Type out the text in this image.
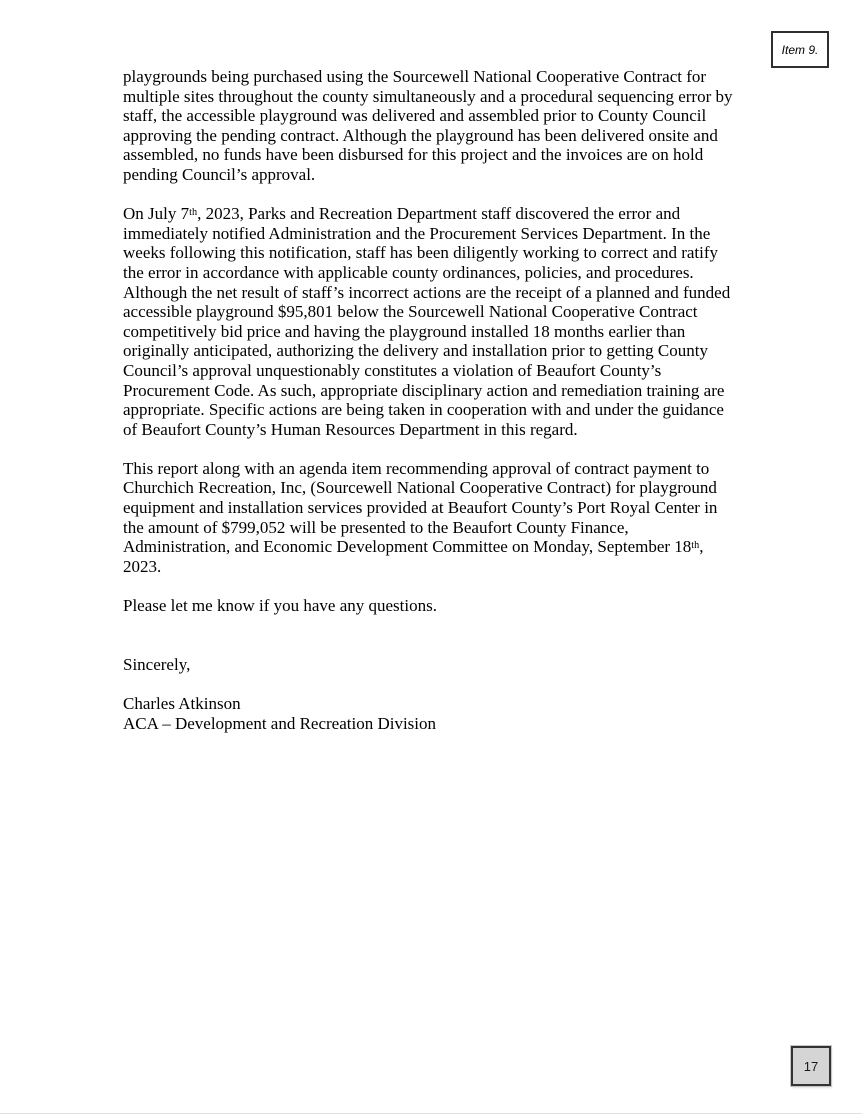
Item 9.

playgrounds being purchased using the Sourcewell National Cooperative Contract for
multiple sites throughout the county simultaneously and a procedural sequencing error by
staff, the accessible playground was delivered and assembled prior to County Council
approving the pending contract. Although the playground has been delivered onsite and
assembled, no funds have been disbursed for this project and the invoices are on hold
pending Council’s approval.

On July 7th, 2023, Parks and Recreation Department staff discovered the error and
immediately notified Administration and the Procurement Services Department. In the
weeks following this notification, staff has been diligently working to correct and ratify
the error in accordance with applicable county ordinances, policies, and procedures.
Although the net result of staff’s incorrect actions are the receipt of a planned and funded
accessible playground $95,801 below the Sourcewell National Cooperative Contract
competitively bid price and having the playground installed 18 months earlier than
originally anticipated, authorizing the delivery and installation prior to getting County
Council’s approval unquestionably constitutes a violation of Beaufort County’s
Procurement Code. As such, appropriate disciplinary action and remediation training are
appropriate. Specific actions are being taken in cooperation with and under the guidance
of Beaufort County’s Human Resources Department in this regard.

This report along with an agenda item recommending approval of contract payment to
Churchich Recreation, Inc, (Sourcewell National Cooperative Contract) for playground
equipment and installation services provided at Beaufort County’s Port Royal Center in
the amount of $799,052 will be presented to the Beaufort County Finance,
Administration, and Economic Development Committee on Monday, September 18th,
2023.

Please let me know if you have any questions.

Sincerely,

Charles Atkinson
ACA – Development and Recreation Division

17
